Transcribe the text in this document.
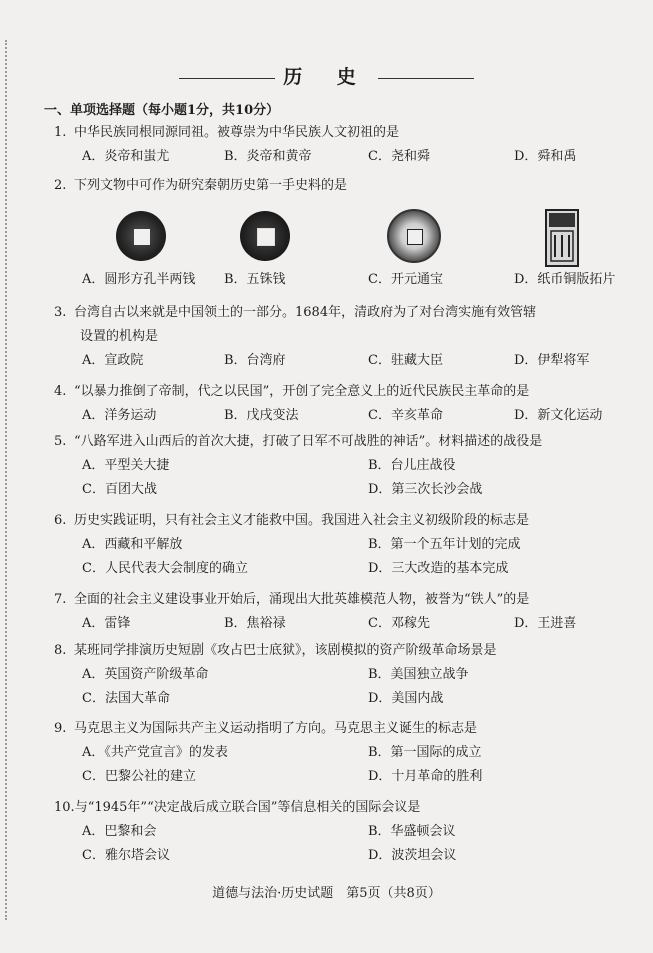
历 史
一、单项选择题（每小题1分，共10分）
1. 中华民族同根同源同祖。被尊崇为中华民族人文初祖的是
A．炎帝和蚩尤	B．炎帝和黄帝	C．尧和舜	D．舜和禹
2. 下列文物中可作为研究秦朝历史第一手史料的是
A．圆形方孔半两钱 B．五铢钱	C．开元通宝	D．纸币铜版拓片
3. 台湾自古以来就是中国领土的一部分。1684年，清政府为了对台湾实施有效管辖
设置的机构是
A．宣政院	B．台湾府	C．驻藏大臣	D．伊犁将军
4. “以暴力推倒了帝制，代之以民国”，开创了完全意义上的近代民族民主革命的是
A．洋务运动	B．戊戌变法	C．辛亥革命	D．新文化运动
5. “八路军进入山西后的首次大捷，打破了日军不可战胜的神话”。材料描述的战役是
A．平型关大捷	B．台儿庄战役
C．百团大战	D．第三次长沙会战
6. 历史实践证明，只有社会主义才能救中国。我国进入社会主义初级阶段的标志是
A．西藏和平解放	B．第一个五年计划的完成
C．人民代表大会制度的确立	D．三大改造的基本完成
7. 全面的社会主义建设事业开始后，涌现出大批英雄模范人物，被誉为“铁人”的是
A．雷锋	B．焦裕禄	C．邓稼先	D．王进喜
8. 某班同学排演历史短剧《攻占巴士底狱》，该剧模拟的资产阶级革命场景是
A．英国资产阶级革命	B．美国独立战争
C．法国大革命	D．美国内战
9. 马克思主义为国际共产主义运动指明了方向。马克思主义诞生的标志是
A．《共产党宣言》的发表	B．第一国际的成立
C．巴黎公社的建立	D．十月革命的胜利
10.与“1945年”“决定战后成立联合国”等信息相关的国际会议是
A．巴黎和会	B．华盛顿会议
C．雅尔塔会议	D．波茨坦会议
道德与法治·历史试题　第5页（共8页）
